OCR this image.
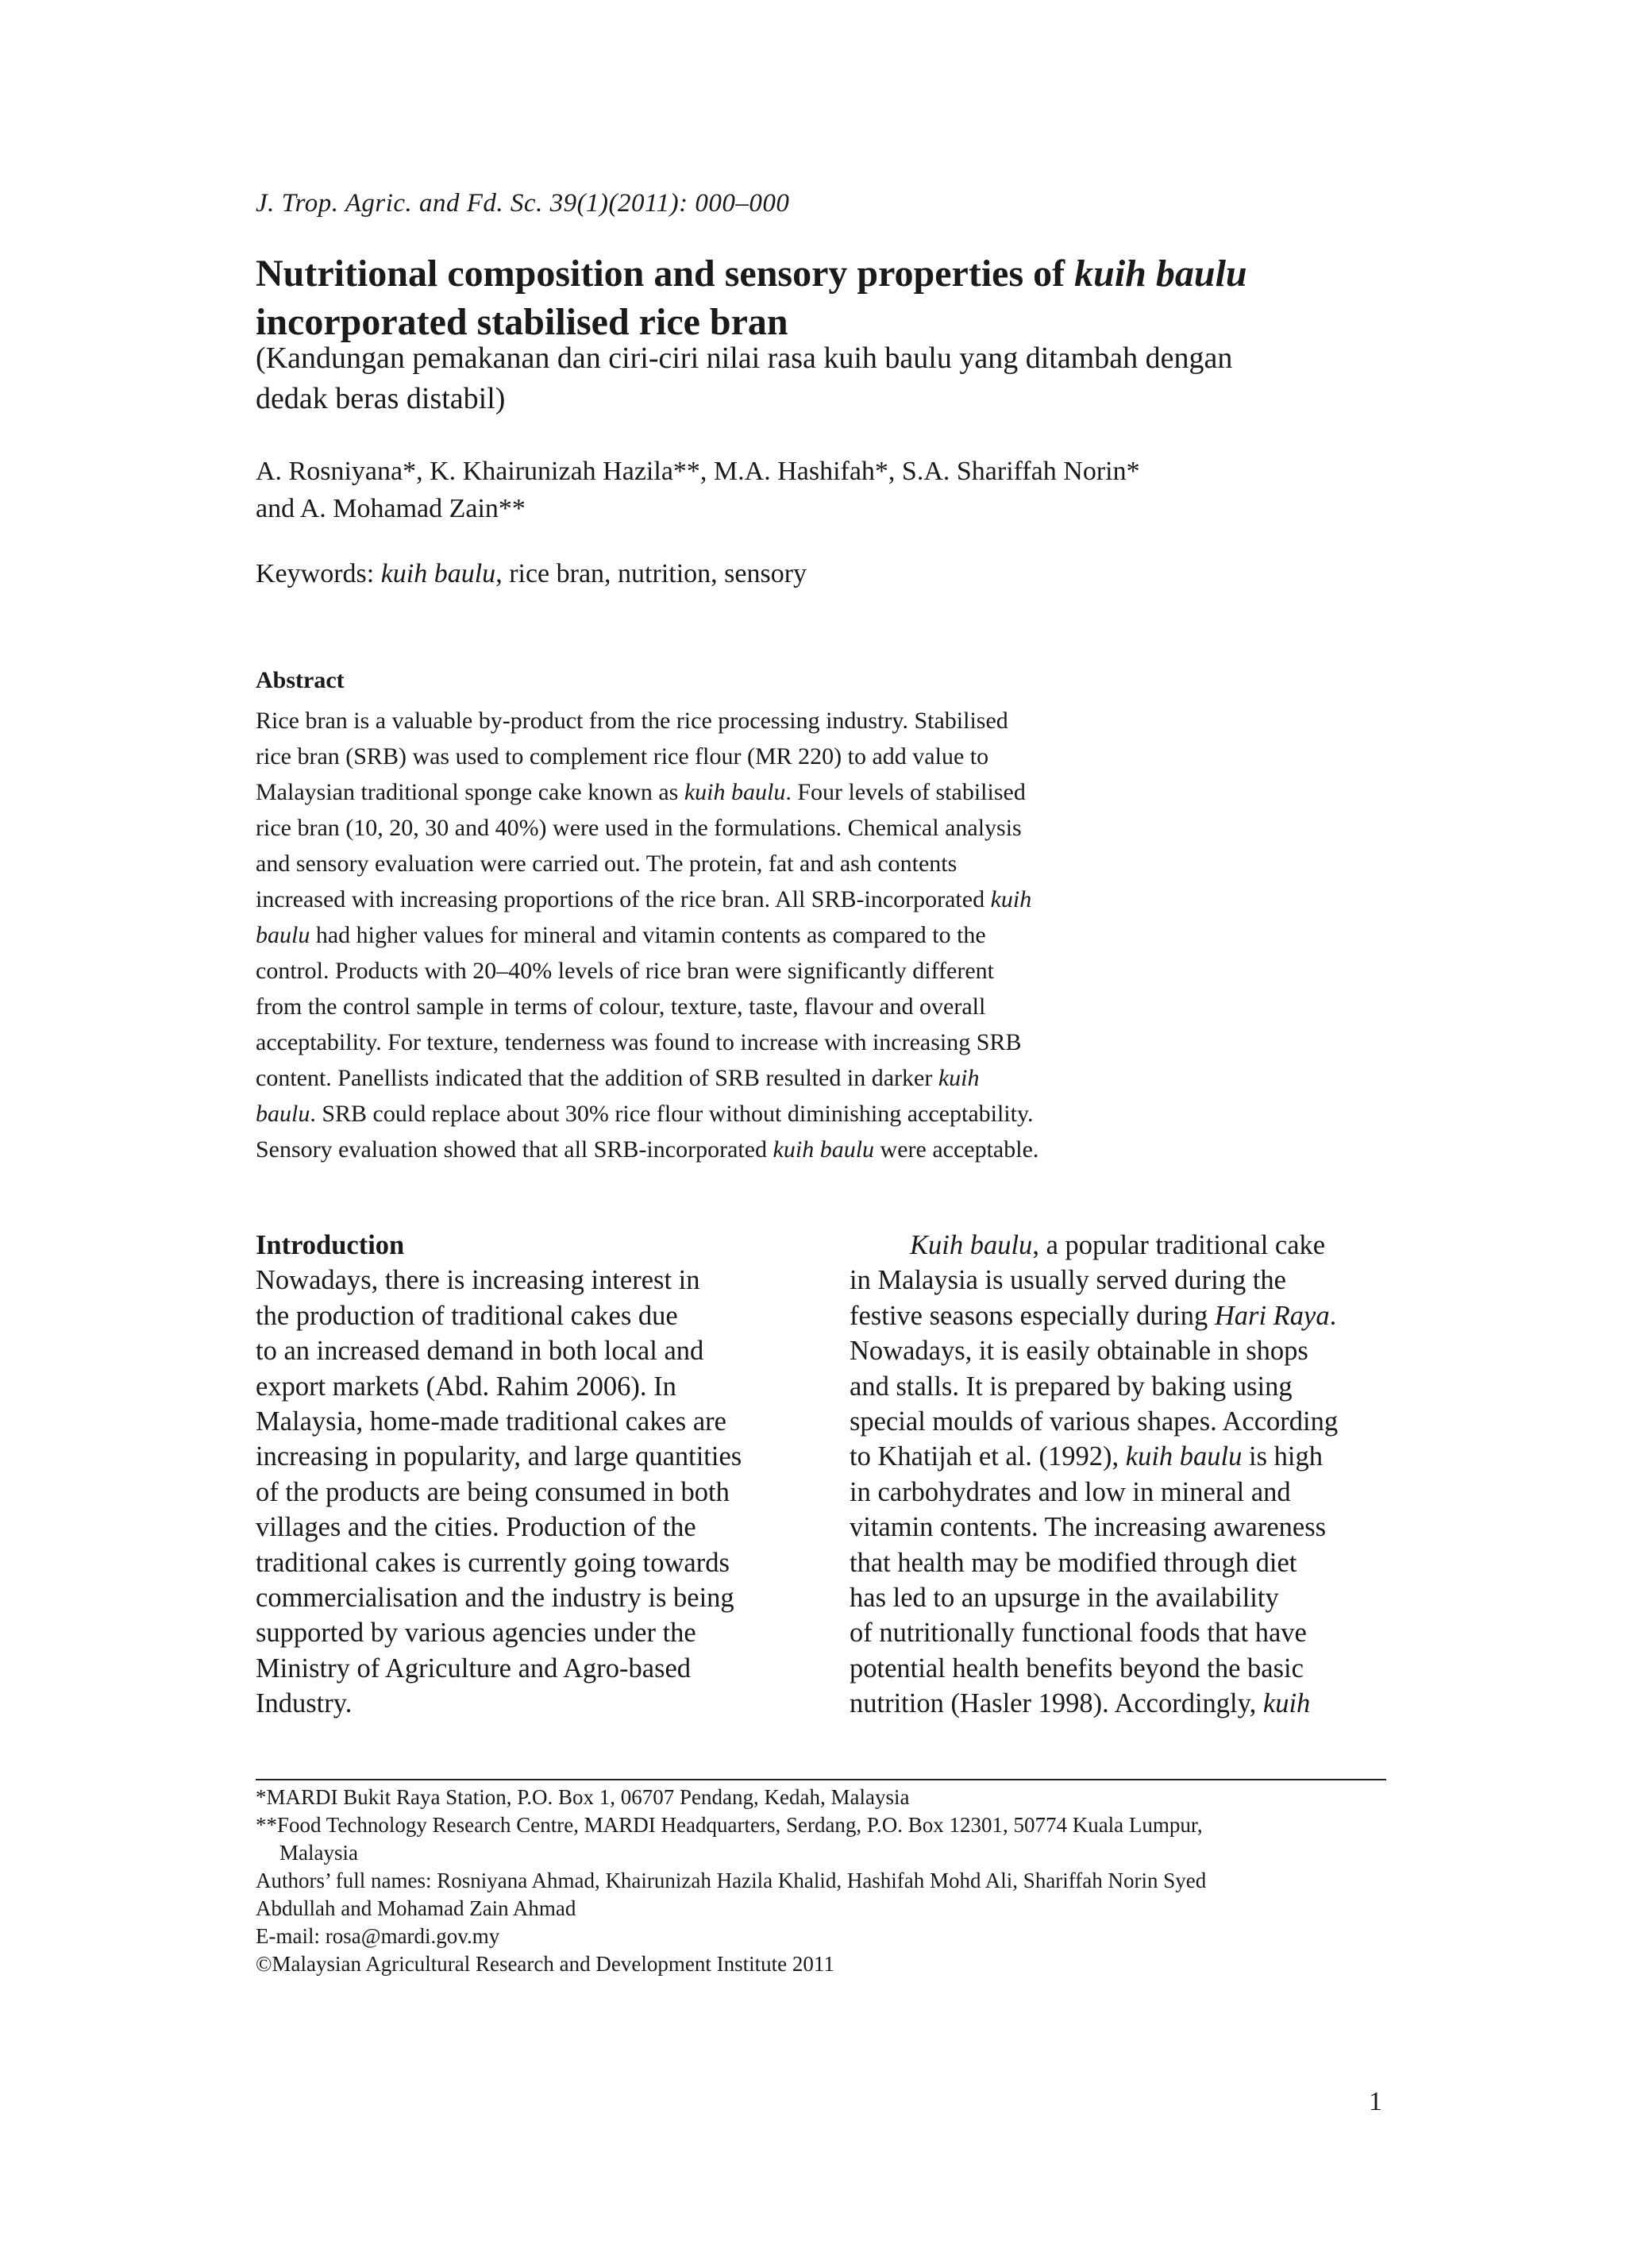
J. Trop. Agric. and Fd. Sc. 39(1)(2011): 000–000
Nutritional composition and sensory properties of kuih baulu
incorporated stabilised rice bran
(Kandungan pemakanan dan ciri-ciri nilai rasa kuih baulu yang ditambah dengan
dedak beras distabil)
A. Rosniyana*, K. Khairunizah Hazila**, M.A. Hashifah*, S.A. Shariffah Norin*
and A. Mohamad Zain**
Keywords: kuih baulu, rice bran, nutrition, sensory
Abstract
Rice bran is a valuable by-product from the rice processing industry. Stabilised
rice bran (SRB) was used to complement rice flour (MR 220) to add value to
Malaysian traditional sponge cake known as kuih baulu. Four levels of stabilised
rice bran (10, 20, 30 and 40%) were used in the formulations. Chemical analysis
and sensory evaluation were carried out. The protein, fat and ash contents
increased with increasing proportions of the rice bran. All SRB-incorporated kuih
baulu had higher values for mineral and vitamin contents as compared to the
control. Products with 20–40% levels of rice bran were significantly different
from the control sample in terms of colour, texture, taste, flavour and overall
acceptability. For texture, tenderness was found to increase with increasing SRB
content. Panellists indicated that the addition of SRB resulted in darker kuih
baulu. SRB could replace about 30% rice flour without diminishing acceptability.
Sensory evaluation showed that all SRB-incorporated kuih baulu were acceptable.
Introduction
Nowadays, there is increasing interest in
the production of traditional cakes due
to an increased demand in both local and
export markets (Abd. Rahim 2006). In
Malaysia, home-made traditional cakes are
increasing in popularity, and large quantities
of the products are being consumed in both
villages and the cities. Production of the
traditional cakes is currently going towards
commercialisation and the industry is being
supported by various agencies under the
Ministry of Agriculture and Agro-based
Industry.
Kuih baulu, a popular traditional cake
in Malaysia is usually served during the
festive seasons especially during Hari Raya.
Nowadays, it is easily obtainable in shops
and stalls. It is prepared by baking using
special moulds of various shapes. According
to Khatijah et al. (1992), kuih baulu is high
in carbohydrates and low in mineral and
vitamin contents. The increasing awareness
that health may be modified through diet
has led to an upsurge in the availability
of nutritionally functional foods that have
potential health benefits beyond the basic
nutrition (Hasler 1998). Accordingly, kuih
*MARDI Bukit Raya Station, P.O. Box 1, 06707 Pendang, Kedah, Malaysia
**Food Technology Research Centre, MARDI Headquarters, Serdang, P.O. Box 12301, 50774 Kuala Lumpur,
Malaysia
Authors’ full names: Rosniyana Ahmad, Khairunizah Hazila Khalid, Hashifah Mohd Ali, Shariffah Norin Syed
Abdullah and Mohamad Zain Ahmad
E-mail: rosa@mardi.gov.my
©Malaysian Agricultural Research and Development Institute 2011
1
